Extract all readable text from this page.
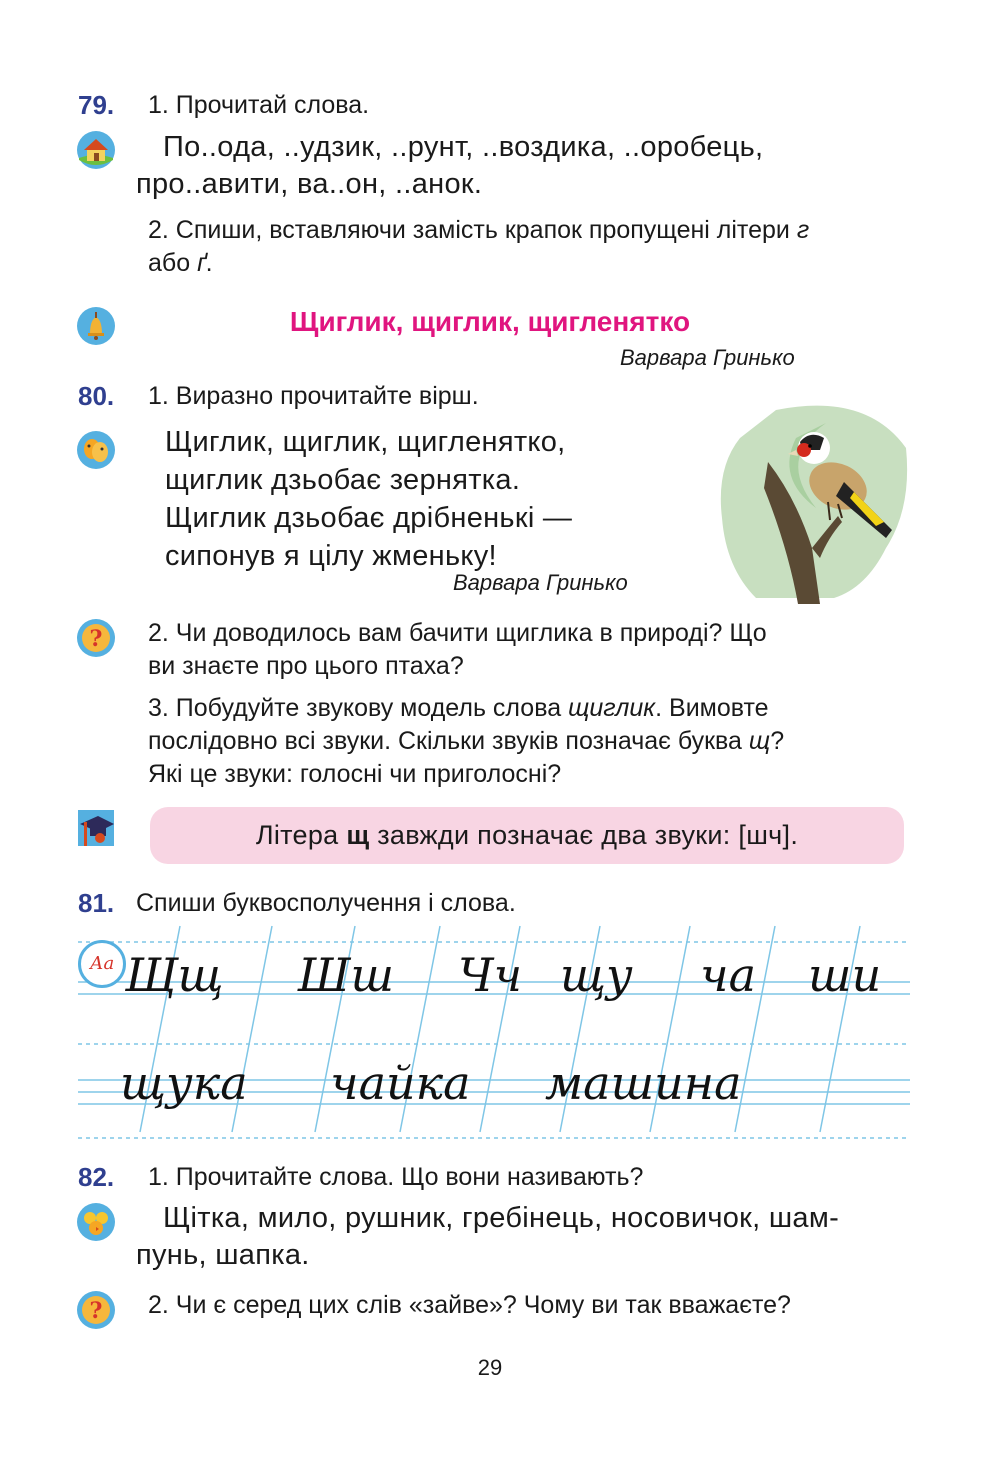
79. 1. Прочитай слова.
По..ода, ..удзик, ..рунт, ..воздика, ..оробець,
про..авити, ва..он, ..анок.
2. Спиши, вставляючи замість крапок пропущені літери г
або ґ.
Щиглик, щиглик, щигленятко
Варвара Гринько
80. 1. Виразно прочитайте вірш.
Щиглик, щиглик, щигленятко,
щиглик дзьобає зернятка.
Щиглик дзьобає дрібненькі —
сипонув я цілу жменьку!
Варвара Гринько
? 2. Чи доводилось вам бачити щиглика в природі? Що
ви знаєте про цього птаха?
3. Побудуйте звукову модель слова щиглик. Вимовте
послідовно всі звуки. Скільки звуків позначає буква щ?
Які це звуки: голосні чи приголосні?
Літера щ завжди позначає два звуки: [шч].
81. Спиши буквосполучення і слова.
Аа Щщ Шш Чч щу ча ши
щука чайка машина
82. 1. Прочитайте слова. Що вони називають?
Щітка, мило, рушник, гребінець, носовичок, шам-
пунь, шапка.
? 2. Чи є серед цих слів «зайве»? Чому ви так вважаєте?
29
